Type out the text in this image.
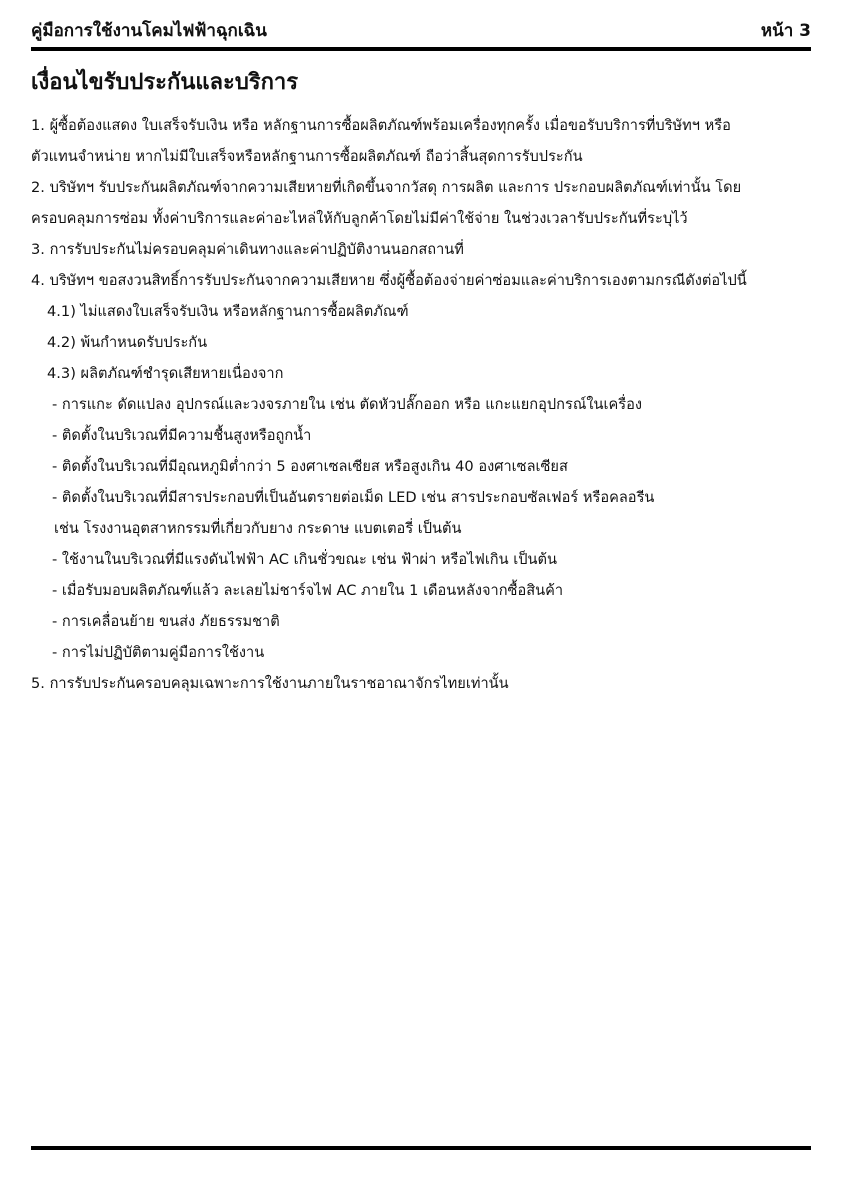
คู่มือการใช้งานโคมไฟฟ้าฉุกเฉิน	หน้า 3
เงื่อนไขรับประกันและบริการ
1. ผู้ซื้อต้องแสดง ใบเสร็จรับเงิน หรือ หลักฐานการซื้อผลิตภัณฑ์พร้อมเครื่องทุกครั้ง เมื่อขอรับบริการที่บริษัทฯ หรือ
ตัวแทนจำหน่าย หากไม่มีใบเสร็จหรือหลักฐานการซื้อผลิตภัณฑ์ ถือว่าสิ้นสุดการรับประกัน
2. บริษัทฯ รับประกันผลิตภัณฑ์จากความเสียหายที่เกิดขึ้นจากวัสดุ การผลิต และการ ประกอบผลิตภัณฑ์เท่านั้น โดย
ครอบคลุมการซ่อม ทั้งค่าบริการและค่าอะไหล่ให้กับลูกค้าโดยไม่มีค่าใช้จ่าย ในช่วงเวลารับประกันที่ระบุไว้
3. การรับประกันไม่ครอบคลุมค่าเดินทางและค่าปฏิบัติงานนอกสถานที่
4. บริษัทฯ ขอสงวนสิทธิ์การรับประกันจากความเสียหาย ซึ่งผู้ซื้อต้องจ่ายค่าซ่อมและค่าบริการเองตามกรณีดังต่อไปนี้
4.1) ไม่แสดงใบเสร็จรับเงิน หรือหลักฐานการซื้อผลิตภัณฑ์
4.2) พ้นกำหนดรับประกัน
4.3) ผลิตภัณฑ์ชำรุดเสียหายเนื่องจาก
- การแกะ ดัดแปลง อุปกรณ์และวงจรภายใน เช่น ตัดหัวปลั๊กออก หรือ แกะแยกอุปกรณ์ในเครื่อง
- ติดตั้งในบริเวณที่มีความชื้นสูงหรือถูกน้ำ
- ติดตั้งในบริเวณที่มีอุณหภูมิต่ำกว่า 5 องศาเซลเซียส หรือสูงเกิน 40 องศาเซลเซียส
- ติดตั้งในบริเวณที่มีสารประกอบที่เป็นอันตรายต่อเม็ด LED เช่น สารประกอบซัลเฟอร์ หรือคลอรีน
เช่น โรงงานอุตสาหกรรมที่เกี่ยวกับยาง กระดาษ แบตเตอรี่ เป็นต้น
- ใช้งานในบริเวณที่มีแรงดันไฟฟ้า AC เกินชั่วขณะ เช่น ฟ้าผ่า หรือไฟเกิน เป็นต้น
- เมื่อรับมอบผลิตภัณฑ์แล้ว ละเลยไม่ชาร์จไฟ AC ภายใน 1 เดือนหลังจากซื้อสินค้า
- การเคลื่อนย้าย ขนส่ง ภัยธรรมชาติ
- การไม่ปฏิบัติตามคู่มือการใช้งาน
5. การรับประกันครอบคลุมเฉพาะการใช้งานภายในราชอาณาจักรไทยเท่านั้น
